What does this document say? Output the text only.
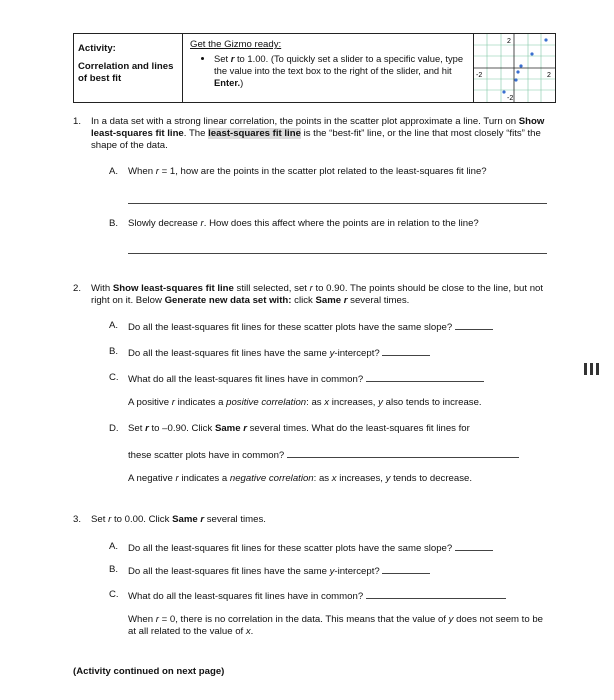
Activity:
Correlation and lines of best fit
Get the Gizmo ready:
• Set r to 1.00. (To quickly set a slider to a specific value, type the value into the text box to the right of the slider, and hit Enter.)
2
-2
-2	2
1. In a data set with a strong linear correlation, the points in the scatter plot approximate a line. Turn on Show least-squares fit line. The least-squares fit line is the “best-fit” line, or the line that most closely “fits” the shape of the data.
A. When r = 1, how are the points in the scatter plot related to the least-squares fit line?
B. Slowly decrease r. How does this affect where the points are in relation to the line?
2. With Show least-squares fit line still selected, set r to 0.90. The points should be close to the line, but not right on it. Below Generate new data set with: click Same r several times.
A. Do all the least-squares fit lines for these scatter plots have the same slope?
B. Do all the least-squares fit lines have the same y-intercept?
C. What do all the least-squares fit lines have in common?
A positive r indicates a positive correlation: as x increases, y also tends to increase.
D. Set r to –0.90. Click Same r several times. What do the least-squares fit lines for
these scatter plots have in common?
A negative r indicates a negative correlation: as x increases, y tends to decrease.
3. Set r to 0.00. Click Same r several times.
A. Do all the least-squares fit lines for these scatter plots have the same slope?
B. Do all the least-squares fit lines have the same y-intercept?
C. What do all the least-squares fit lines have in common?
When r = 0, there is no correlation in the data. This means that the value of y does not seem to be at all related to the value of x.
(Activity continued on next page)
